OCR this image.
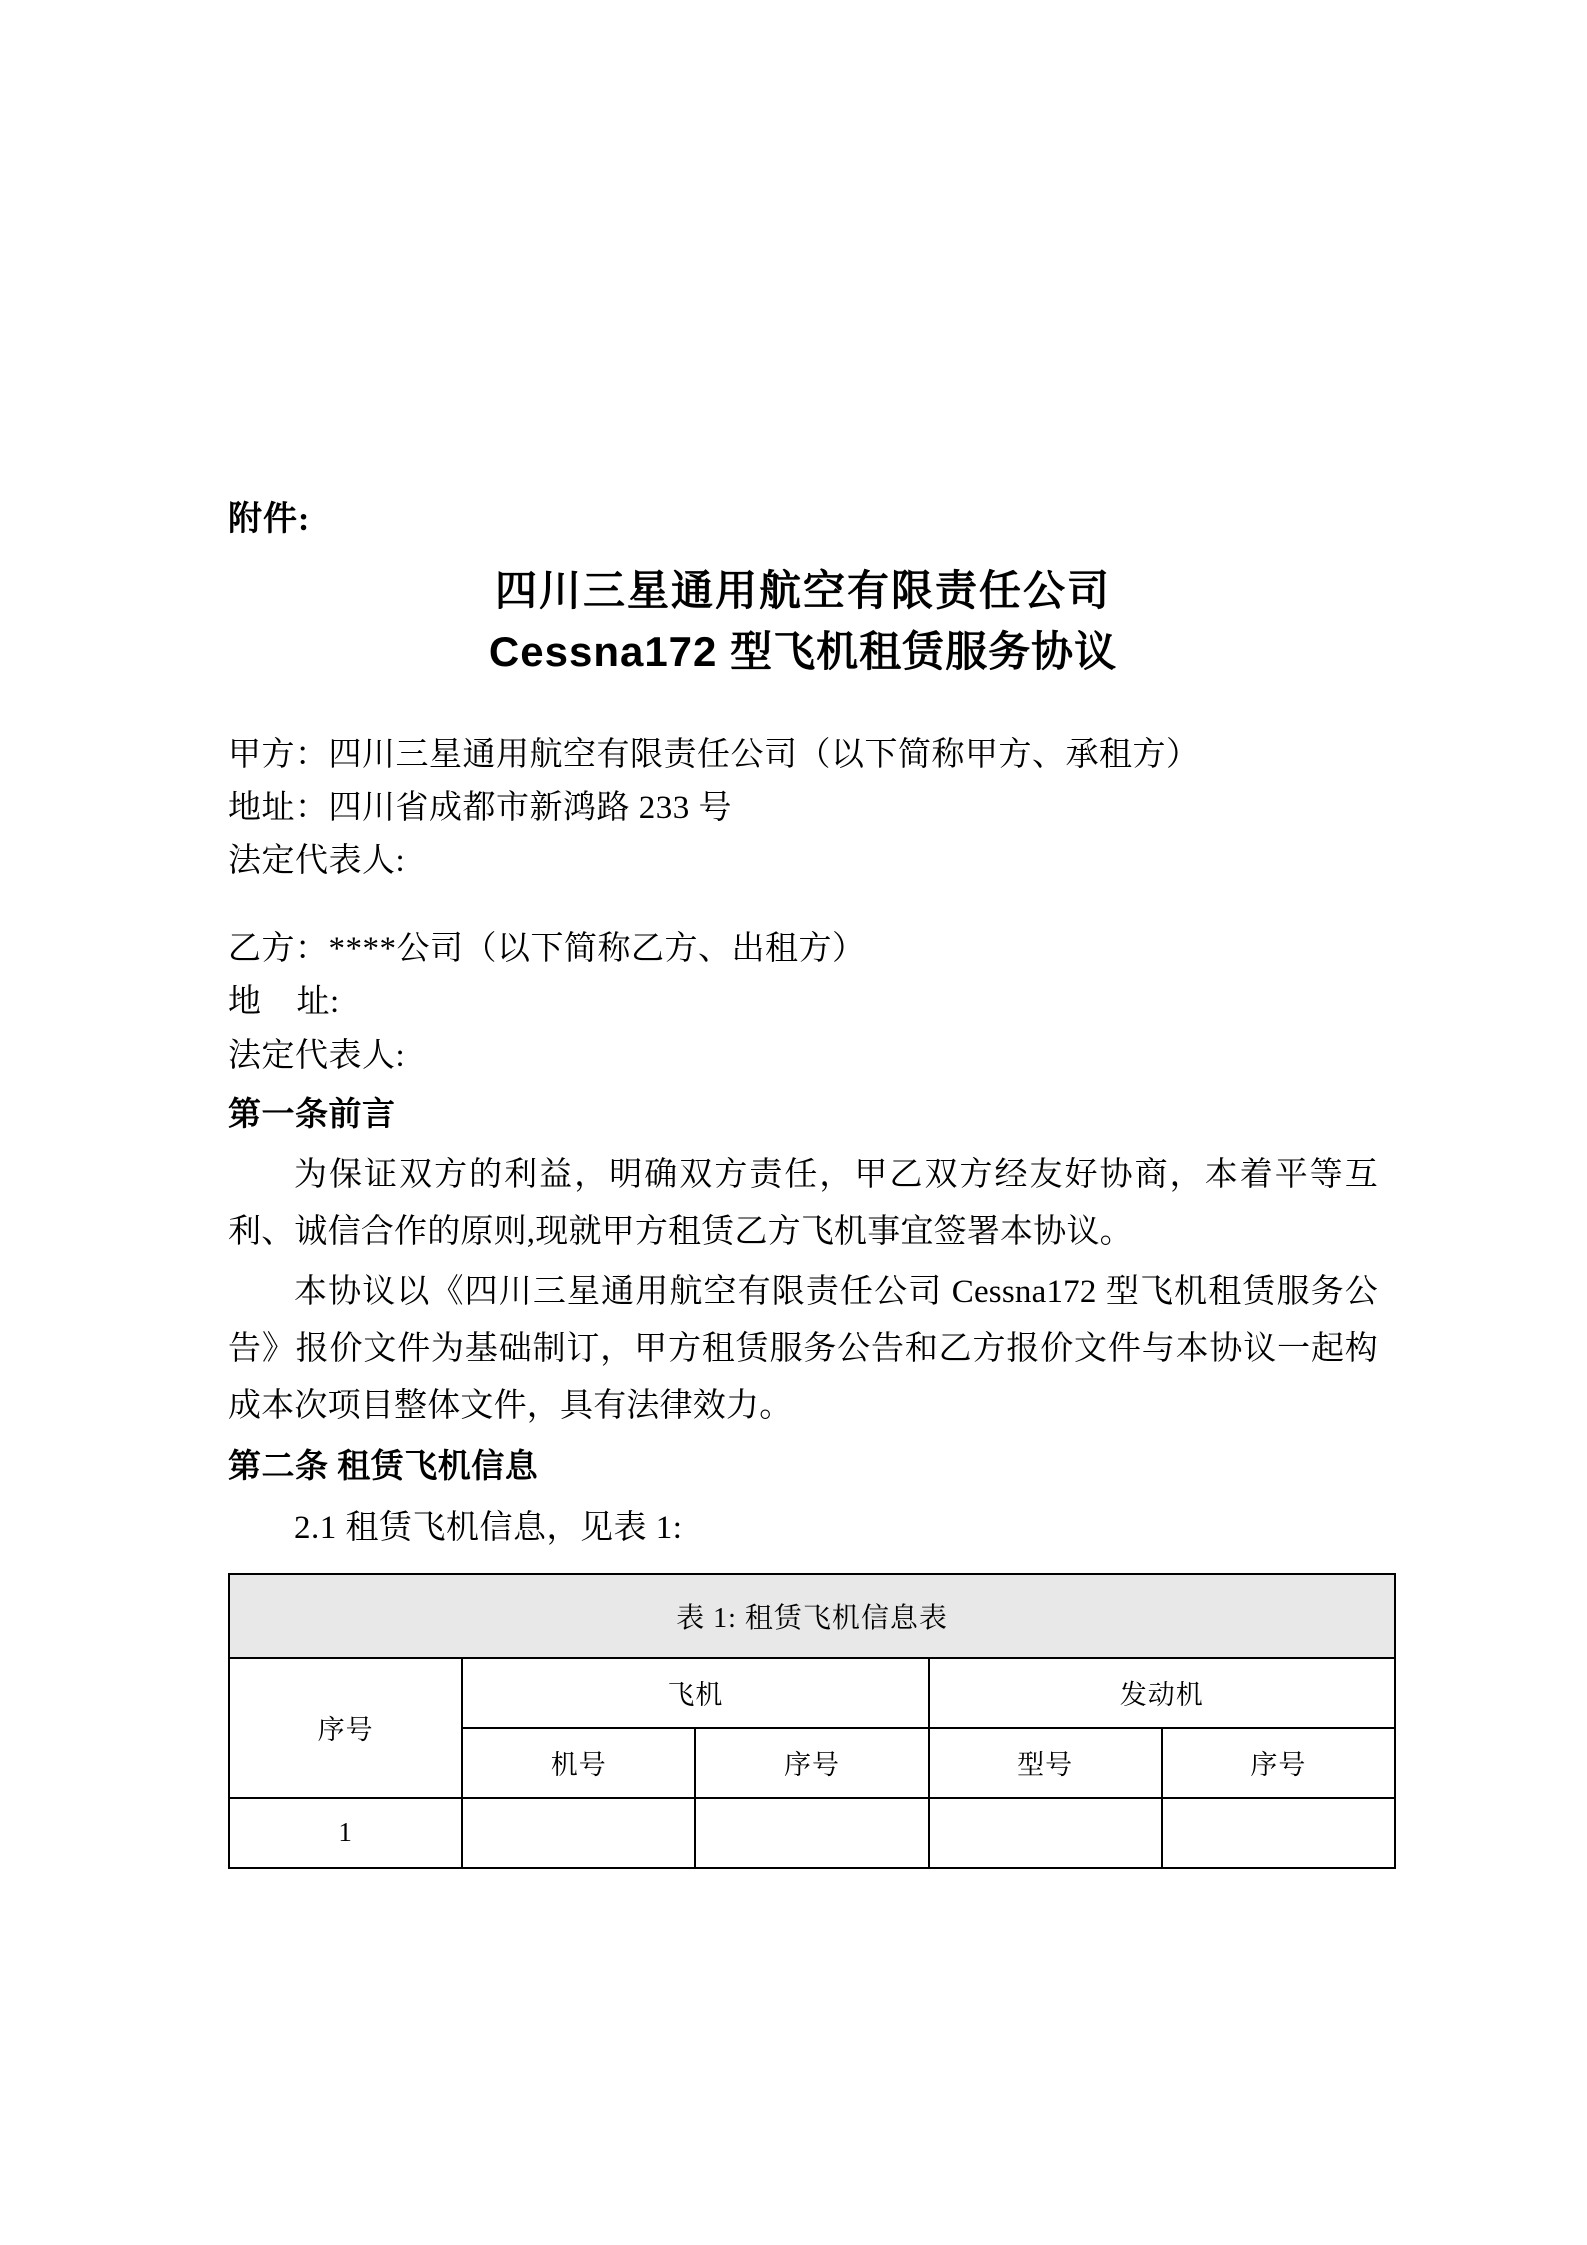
附件:
四川三星通用航空有限责任公司
Cessna172 型飞机租赁服务协议
甲方：四川三星通用航空有限责任公司（以下简称甲方、承租方）
地址：四川省成都市新鸿路 233 号
法定代表人:
乙方：****公司（以下简称乙方、出租方）
地    址:
法定代表人:
第一条前言
为保证双方的利益，明确双方责任，甲乙双方经友好协商，本着平等互利、诚信合作的原则,现就甲方租赁乙方飞机事宜签署本协议。
本协议以《四川三星通用航空有限责任公司 Cessna172 型飞机租赁服务公告》报价文件为基础制订，甲方租赁服务公告和乙方报价文件与本协议一起构成本次项目整体文件，具有法律效力。
第二条 租赁飞机信息
2.1 租赁飞机信息，见表 1:
表 1: 租赁飞机信息表				
序号	飞机		发动机	
	机号	序号	型号	序号
1				
